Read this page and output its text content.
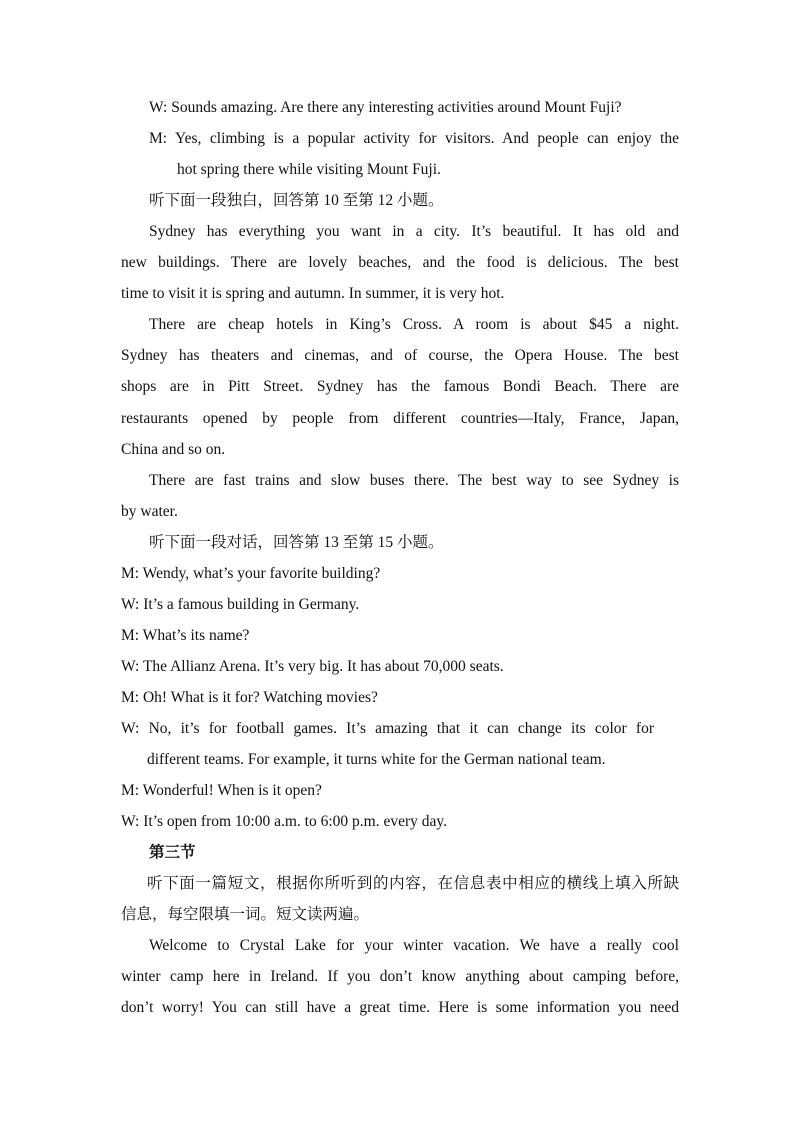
W: Sounds amazing. Are there any interesting activities around Mount Fuji?
M: Yes, climbing is a popular activity for visitors. And people can enjoy the
hot spring there while visiting Mount Fuji.
听下面一段独白，回答第 10 至第 12 小题。
Sydney has everything you want in a city. It’s beautiful. It has old and
new buildings. There are lovely beaches, and the food is delicious. The best
time to visit it is spring and autumn. In summer, it is very hot.
There are cheap hotels in King’s Cross. A room is about $45 a night.
Sydney has theaters and cinemas, and of course, the Opera House. The best
shops are in Pitt Street. Sydney has the famous Bondi Beach. There are
restaurants opened by people from different countries—Italy, France, Japan,
China and so on.
There are fast trains and slow buses there. The best way to see Sydney is
by water.
听下面一段对话，回答第 13 至第 15 小题。
M: Wendy, what’s your favorite building?
W: It’s a famous building in Germany.
M: What’s its name?
W: The Allianz Arena. It’s very big. It has about 70,000 seats.
M: Oh! What is it for? Watching movies?
W: No, it’s for football games. It’s amazing that it can change its color for
different teams. For example, it turns white for the German national team.
M: Wonderful! When is it open?
W: It’s open from 10:00 a.m. to 6:00 p.m. every day.
第三节
听下面一篇短文，根据你所听到的内容，在信息表中相应的横线上填入所缺
信息，每空限填一词。短文读两遍。
Welcome to Crystal Lake for your winter vacation. We have a really cool
winter camp here in Ireland. If you don’t know anything about camping before,
don’t worry! You can still have a great time. Here is some information you need
